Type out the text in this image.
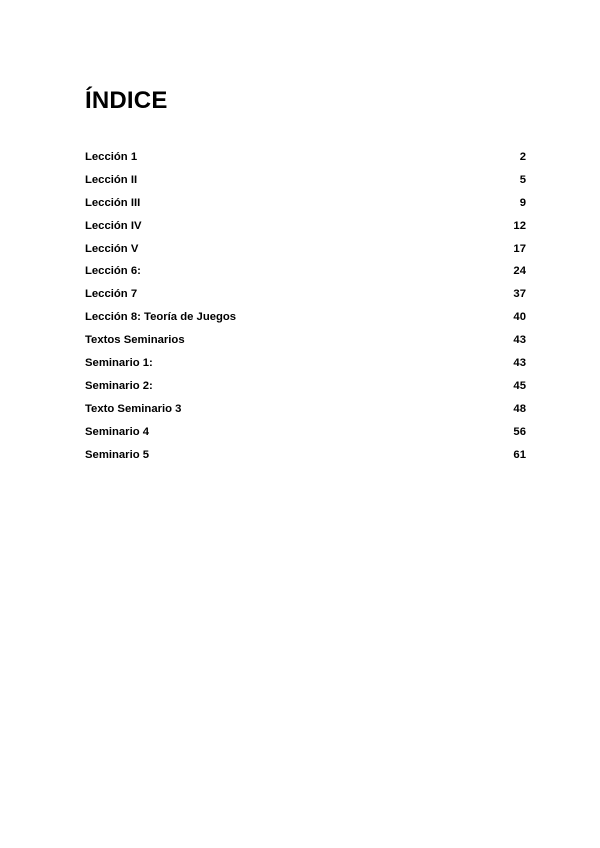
ÍNDICE
Lección 1	2
Lección II	5
Lección III	9
Lección IV	12
Lección V	17
Lección 6:	24
Lección 7	37
Lección 8: Teoría de Juegos	40
Textos Seminarios	43
Seminario 1:	43
Seminario 2:	45
Texto Seminario 3	48
Seminario 4	56
Seminario 5	61
